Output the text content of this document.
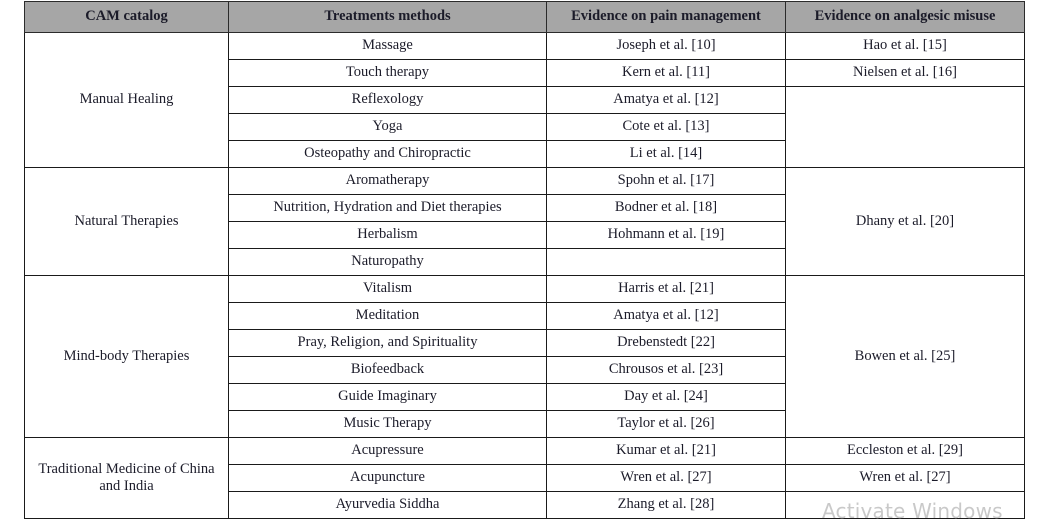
CAM catalog	Treatments methods	Evidence on pain management	Evidence on analgesic misuse
Manual Healing	Massage	Joseph et al. [10]	Hao et al. [15]
	Touch therapy	Kern et al. [11]	Nielsen et al. [16]
	Reflexology	Amatya et al. [12]	
	Yoga	Cote et al. [13]	
	Osteopathy and Chiropractic	Li et al. [14]	
Natural Therapies	Aromatherapy	Spohn et al. [17]	Dhany et al. [20]
	Nutrition, Hydration and Diet therapies	Bodner et al. [18]	
	Herbalism	Hohmann et al. [19]	
	Naturopathy		
Mind-body Therapies	Vitalism	Harris et al. [21]	Bowen et al. [25]
	Meditation	Amatya et al. [12]	
	Pray, Religion, and Spirituality	Drebenstedt [22]	
	Biofeedback	Chrousos et al. [23]	
	Guide Imaginary	Day et al. [24]	
	Music Therapy	Taylor et al. [26]	
Traditional Medicine of China and India	Acupressure	Kumar et al. [21]	Eccleston et al. [29]
	Acupuncture	Wren et al. [27]	Wren et al. [27]
	Ayurvedia Siddha	Zhang et al. [28]		Activate Windows
